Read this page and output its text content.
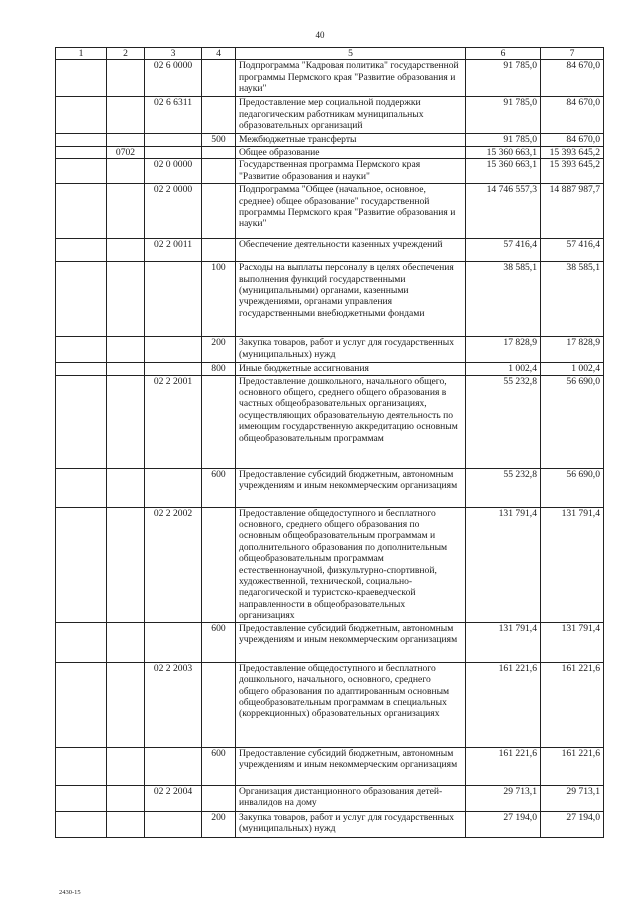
40
1	2	3	4	5	6	7
		02 6 0000		Подпрограмма "Кадровая политика" государственной программы Пермского края "Развитие образования и науки"	91 785,0	84 670,0
		02 6 6311		Предоставление мер социальной поддержки педагогическим работникам муниципальных образовательных организаций	91 785,0	84 670,0
			500	Межбюджетные трансферты	91 785,0	84 670,0
	0702			Общее образование	15 360 663,1	15 393 645,2
		02 0 0000		Государственная программа Пермского края "Развитие образования и науки"	15 360 663,1	15 393 645,2
		02 2 0000		Подпрограмма "Общее (начальное, основное, среднее) общее образование" государственной программы Пермского края "Развитие образования и науки"	14 746 557,3	14 887 987,7
		02 2 0011		Обеспечение деятельности казенных учреждений	57 416,4	57 416,4
			100	Расходы на выплаты персоналу в целях обеспечения выполнения функций государственными (муниципальными) органами, казенными учреждениями, органами управления государственными внебюджетными фондами	38 585,1	38 585,1
			200	Закупка товаров, работ и услуг для государственных (муниципальных) нужд	17 828,9	17 828,9
			800	Иные бюджетные ассигнования	1 002,4	1 002,4
		02 2 2001		Предоставление дошкольного, начального общего, основного общего, среднего общего образования в частных общеобразовательных организациях, осуществляющих образовательную деятельность по имеющим государственную аккредитацию основным общеобразовательным программам	55 232,8	56 690,0
			600	Предоставление субсидий бюджетным, автономным учреждениям и иным некоммерческим организациям	55 232,8	56 690,0
		02 2 2002		Предоставление общедоступного и бесплатного основного, среднего общего образования по основным общеобразовательным программам и дополнительного образования по дополнительным общеобразовательным программам естественнонаучной, физкультурно-спортивной, художественной, технической, социально-педагогической и туристско-краеведческой направленности в общеобразовательных организациях	131 791,4	131 791,4
			600	Предоставление субсидий бюджетным, автономным учреждениям и иным некоммерческим организациям	131 791,4	131 791,4
		02 2 2003		Предоставление общедоступного и бесплатного дошкольного, начального, основного, среднего общего образования по адаптированным основным общеобразовательным программам в специальных (коррекционных) образовательных организациях	161 221,6	161 221,6
			600	Предоставление субсидий бюджетным, автономным учреждениям и иным некоммерческим организациям	161 221,6	161 221,6
		02 2 2004		Организация дистанционного образования детей-инвалидов на дому	29 713,1	29 713,1
			200	Закупка товаров, работ и услуг для государственных (муниципальных) нужд	27 194,0	27 194,0
2430-15
